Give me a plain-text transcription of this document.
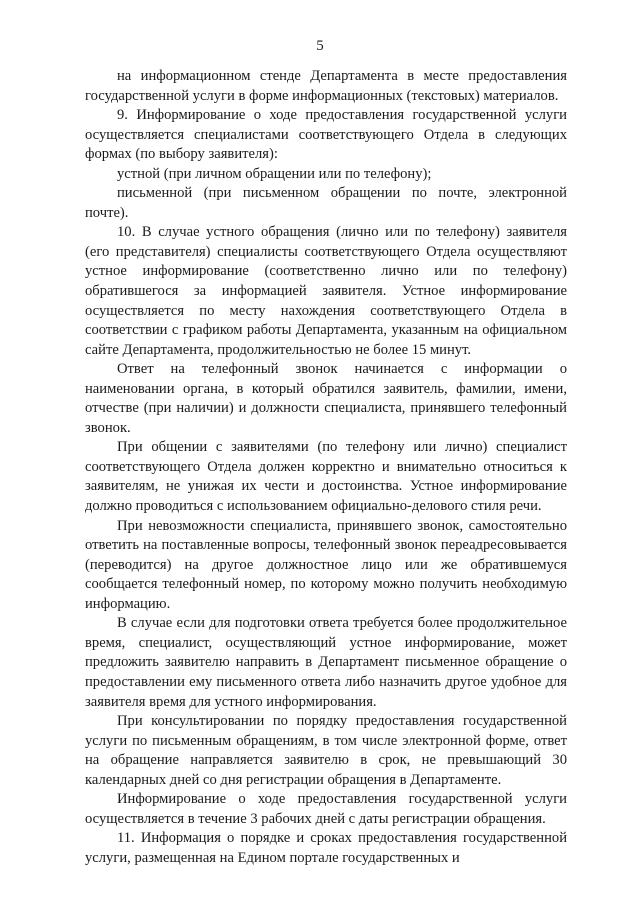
5

на информационном стенде Департамента в месте предоставления государственной услуги в форме информационных (текстовых) материалов.

9. Информирование о ходе предоставления государственной услуги осуществляется специалистами соответствующего Отдела в следующих формах (по выбору заявителя):

устной (при личном обращении или по телефону);

письменной (при письменном обращении по почте, электронной почте).

10. В случае устного обращения (лично или по телефону) заявителя (его представителя) специалисты соответствующего Отдела осуществляют устное информирование (соответственно лично или по телефону) обратившегося за информацией заявителя. Устное информирование осуществляется по месту нахождения соответствующего Отдела в соответствии с графиком работы Департамента, указанным на официальном сайте Департамента, продолжительностью не более 15 минут.

Ответ на телефонный звонок начинается с информации о наименовании органа, в который обратился заявитель, фамилии, имени, отчестве (при наличии) и должности специалиста, принявшего телефонный звонок.

При общении с заявителями (по телефону или лично) специалист соответствующего Отдела должен корректно и внимательно относиться к заявителям, не унижая их чести и достоинства. Устное информирование должно проводиться с использованием официально-делового стиля речи.

При невозможности специалиста, принявшего звонок, самостоятельно ответить на поставленные вопросы, телефонный звонок переадресовывается (переводится) на другое должностное лицо или же обратившемуся сообщается телефонный номер, по которому можно получить необходимую информацию.

В случае если для подготовки ответа требуется более продолжительное время, специалист, осуществляющий устное информирование, может предложить заявителю направить в Департамент письменное обращение о предоставлении ему письменного ответа либо назначить другое удобное для заявителя время для устного информирования.

При консультировании по порядку предоставления государственной услуги по письменным обращениям, в том числе электронной форме, ответ на обращение направляется заявителю в срок, не превышающий 30 календарных дней со дня регистрации обращения в Департаменте.

Информирование о ходе предоставления государственной услуги осуществляется в течение 3 рабочих дней с даты регистрации обращения.

11. Информация о порядке и сроках предоставления государственной услуги, размещенная на Едином портале государственных и
